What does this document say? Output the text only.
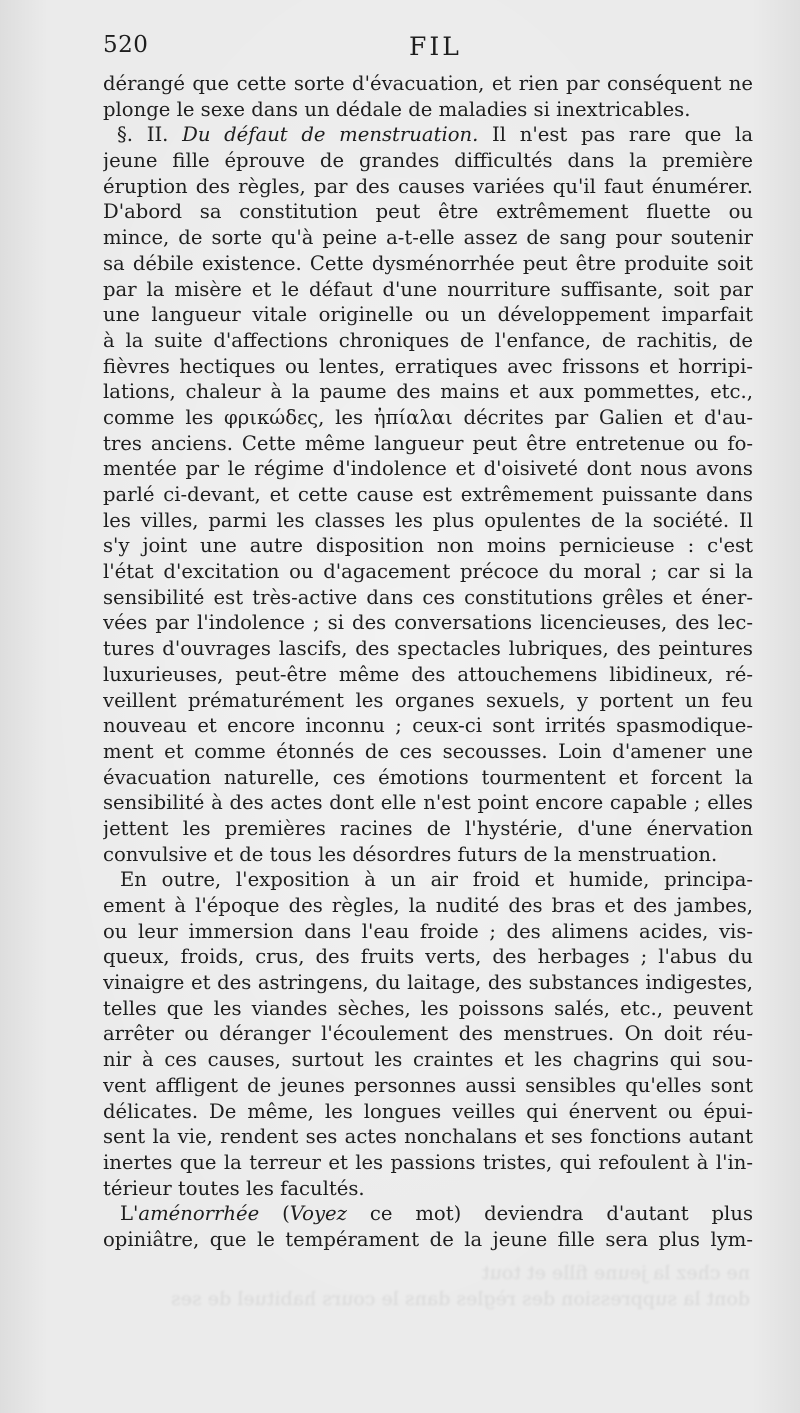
520	FIL
dérangé que cette sorte d'évacuation, et rien par conséquent ne
plonge le sexe dans un dédale de maladies si inextricables.
§. II. Du défaut de menstruation. Il n'est pas rare que la
jeune fille éprouve de grandes difficultés dans la première
éruption des règles, par des causes variées qu'il faut énumérer.
D'abord sa constitution peut être extrêmement fluette ou
mince, de sorte qu'à peine a-t-elle assez de sang pour soutenir
sa débile existence. Cette dysménorrhée peut être produite soit
par la misère et le défaut d'une nourriture suffisante, soit par
une langueur vitale originelle ou un développement imparfait
à la suite d'affections chroniques de l'enfance, de rachitis, de
fièvres hectiques ou lentes, erratiques avec frissons et horripi-
lations, chaleur à la paume des mains et aux pommettes, etc.,
comme les φρικώδες, les ἠπίαλαι décrites par Galien et d'au-
tres anciens. Cette même langueur peut être entretenue ou fo-
mentée par le régime d'indolence et d'oisiveté dont nous avons
parlé ci-devant, et cette cause est extrêmement puissante dans
les villes, parmi les classes les plus opulentes de la société. Il
s'y joint une autre disposition non moins pernicieuse : c'est
l'état d'excitation ou d'agacement précoce du moral ; car si la
sensibilité est très-active dans ces constitutions grêles et éner-
vées par l'indolence ; si des conversations licencieuses, des lec-
tures d'ouvrages lascifs, des spectacles lubriques, des peintures
luxurieuses, peut-être même des attouchemens libidineux, ré-
veillent prématurément les organes sexuels, y portent un feu
nouveau et encore inconnu ; ceux-ci sont irrités spasmodique-
ment et comme étonnés de ces secousses. Loin d'amener une
évacuation naturelle, ces émotions tourmentent et forcent la
sensibilité à des actes dont elle n'est point encore capable ; elles
jettent les premières racines de l'hystérie, d'une énervation
convulsive et de tous les désordres futurs de la menstruation.
En outre, l'exposition à un air froid et humide, principa-
ement à l'époque des règles, la nudité des bras et des jambes,
ou leur immersion dans l'eau froide ; des alimens acides, vis-
queux, froids, crus, des fruits verts, des herbages ; l'abus du
vinaigre et des astringens, du laitage, des substances indigestes,
telles que les viandes sèches, les poissons salés, etc., peuvent
arrêter ou déranger l'écoulement des menstrues. On doit réu-
nir à ces causes, surtout les craintes et les chagrins qui sou-
vent affligent de jeunes personnes aussi sensibles qu'elles sont
délicates. De même, les longues veilles qui énervent ou épui-
sent la vie, rendent ses actes nonchalans et ses fonctions autant
inertes que la terreur et les passions tristes, qui refoulent à l'in-
térieur toutes les facultés.
L'aménorrhée (Voyez ce mot) deviendra d'autant plus
opiniâtre, que le tempérament de la jeune fille sera plus lym-
ne chez la jeune fille et tout
dont la suppression des règles dans le cours habituel de ses
